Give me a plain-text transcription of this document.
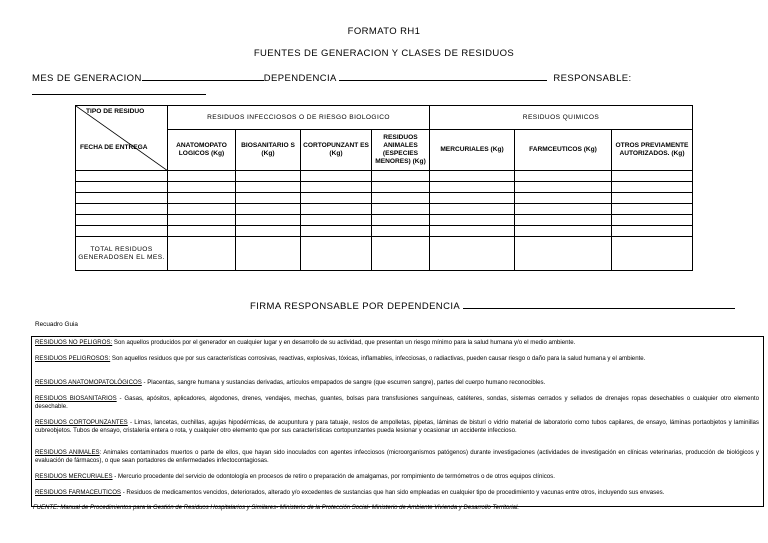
FORMATO RH1
FUENTES DE GENERACION Y CLASES DE RESIDUOS
MES DE GENERACION	DEPENDENCIA	RESPONSABLE:
TIPO DE RESIDUO
FECHA DE ENTREGA	RESIDUOS INFECCIOSOS O DE RIESGO BIOLOGICO				RESIDUOS QUIMICOS		
	ANATOMOPATO LOGICOS (Kg)	BIOSANITARIO S (Kg)	CORTOPUNZANT ES (Kg)	RESIDUOS ANIMALES (ESPECIES MENORES) (Kg)	MERCURIALES (Kg)	FARMCEUTICOS (Kg)	OTROS PREVIAMENTE AUTORIZADOS. (Kg)

TOTAL RESIDUOS GENERADOSEN EL MES.							
FIRMA RESPONSABLE POR DEPENDENCIA
Recuadro Guia
RESIDUOS NO PELIGROS: Son aquellos producidos por el generador en cualquier lugar y en desarrollo de su actividad, que presentan un riesgo mínimo para la salud humana y/o el medio ambiente.
RESIDUOS PELIGROSOS: Son aquellos residuos que por sus características corrosivas, reactivas, explosivas, tóxicas, inflamables, infecciosas, o radiactivas, pueden causar riesgo o daño para la salud humana y el ambiente.
RESIDUOS ANATOMOPATOLÓGICOS - Placentas, sangre humana y sustancias derivadas, artículos empapados de sangre (que escurren sangre), partes del cuerpo humano reconocibles.
RESIDUOS BIOSANITARIOS - Gasas, apósitos, aplicadores, algodones, drenes, vendajes, mechas, guantes, bolsas para transfusiones sanguíneas, catéteres, sondas, sistemas cerrados y sellados de drenajes ropas desechables o cualquier otro elemento desechable.
RESIDUOS CORTOPUNZANTES - Limas, lancetas, cuchillas, agujas hipodérmicas, de acupuntura y para tatuaje, restos de ampolletas, pipetas, láminas de bisturí o vidrio material de laboratorio como tubos capilares, de ensayo, láminas portaobjetos y laminillas cubreobjetos. Tubos de ensayo, cristalería entera o rota, y cualquier otro elemento que por sus características cortopunzantes pueda lesionar y ocasionar un accidente infeccioso.
RESIDUOS ANIMALES: Animales contaminados muertos o parte de ellos, que hayan sido inoculados con agentes infecciosos (microorganismos patógenos) durante investigaciones (actividades de investigación en clínicas veterinarias, producción de biológicos y evaluación de fármacos), o que sean portadores de enfermedades infectocontagiosas.
RESIDUOS MERCURIALES - Mercurio procedente del servicio de odontología en procesos de retiro o preparación de amalgamas, por rompimiento de termómetros o de otros equipos clínicos.
RESIDUOS FARMACEUTICOS - Residuos de medicamentos vencidos, deteriorados, alterado y/o excedentes de sustancias que han sido empleadas en cualquier tipo de procedimiento y vacunas entre otros, incluyendo sus envases.
FUENTE: Manual de Procedimientos para la Gestión de Residuos Hospitalarios y Similares- Ministerio de la Protección Social- Ministerio de Ambiente Vivienda y Desarrollo Territorial.
